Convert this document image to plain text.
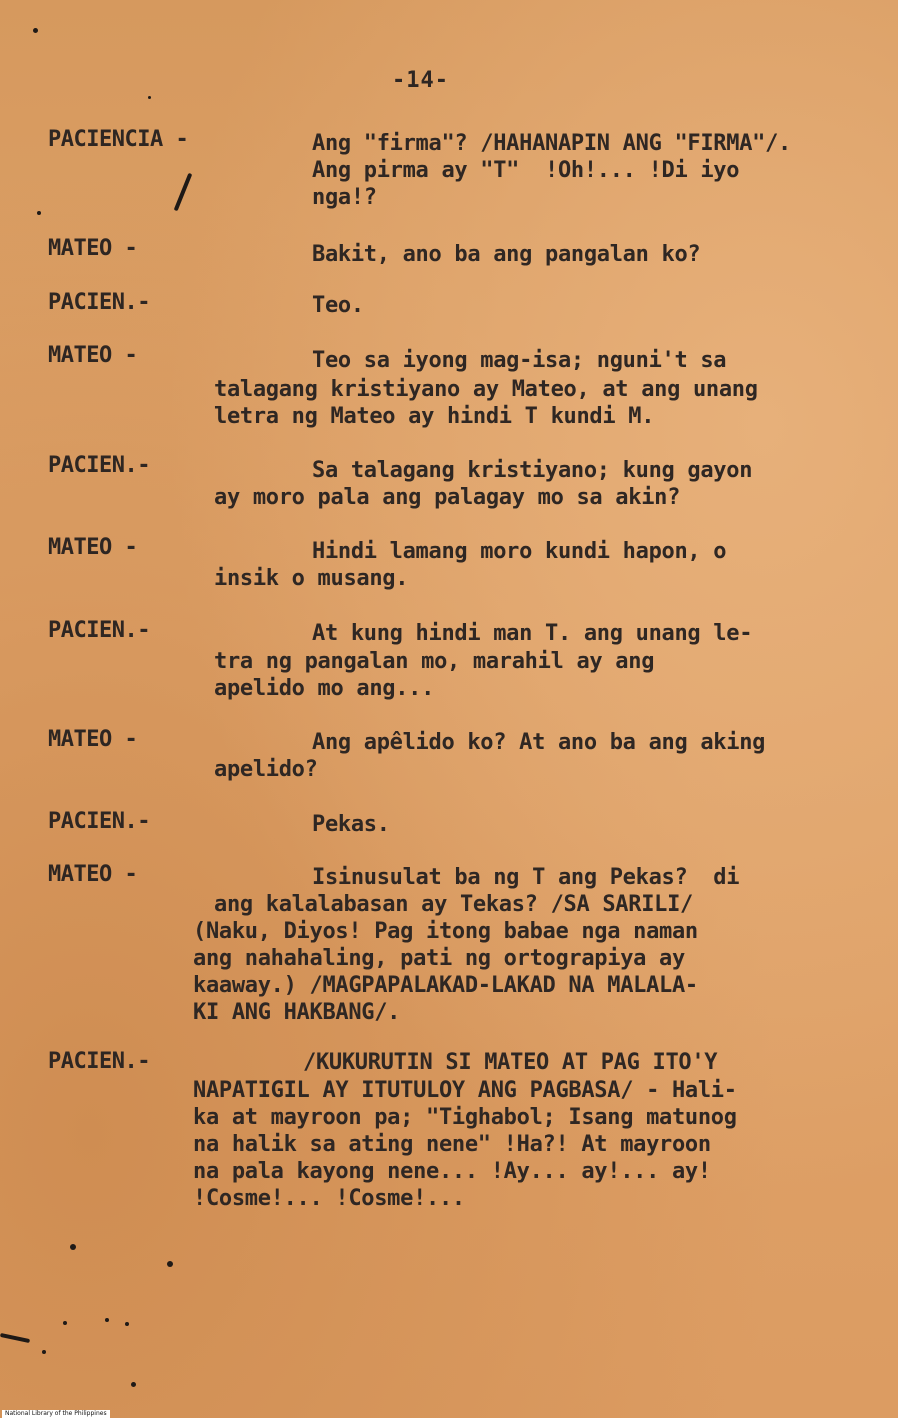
-14-
PACIENCIA -
MATEO -
PACIEN.-
MATEO -
PACIEN.-
MATEO -
PACIEN.-
MATEO -
PACIEN.-
MATEO -
PACIEN.-
Ang "firma"? /HAHANAPIN ANG "FIRMA"/.
Ang pirma ay "T"  !Oh!... !Di iyo
nga!?
Bakit, ano ba ang pangalan ko?
Teo.
Teo sa iyong mag-isa; nguni't sa
talagang kristiyano ay Mateo, at ang unang
letra ng Mateo ay hindi T kundi M.
Sa talagang kristiyano; kung gayon
ay moro pala ang palagay mo sa akin?
Hindi lamang moro kundi hapon, o
insik o musang.
At kung hindi man T. ang unang le-
tra ng pangalan mo, marahil ay ang
apelido mo ang...
Ang apêlido ko? At ano ba ang aking
apelido?
Pekas.
Isinusulat ba ng T ang Pekas?  di
ang kalalabasan ay Tekas? /SA SARILI/
(Naku, Diyos! Pag itong babae nga naman
ang nahahaling, pati ng ortograpiya ay
kaaway.) /MAGPAPALAKAD-LAKAD NA MALALA-
KI ANG HAKBANG/.
/KUKURUTIN SI MATEO AT PAG ITO'Y
NAPATIGIL AY ITUTULOY ANG PAGBASA/ - Hali-
ka at mayroon pa; "Tighabol; Isang matunog
na halik sa ating nene" !Ha?! At mayroon
na pala kayong nene... !Ay... ay!... ay!
!Cosme!... !Cosme!...
National Library of the Philippines
